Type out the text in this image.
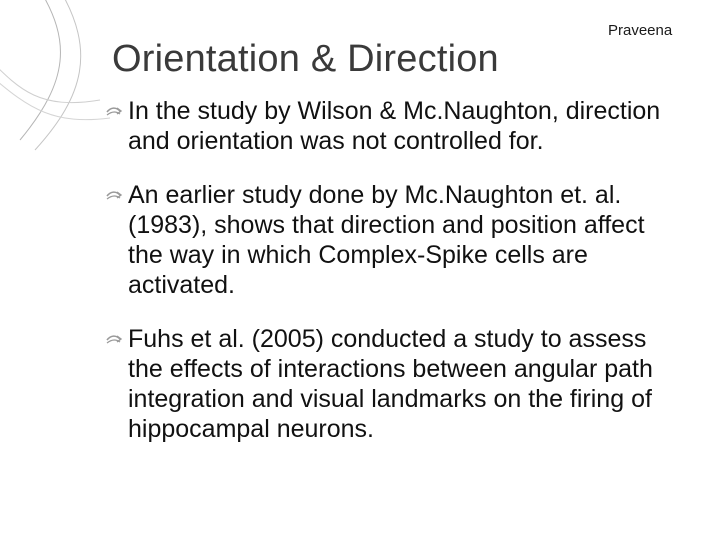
Praveena
Orientation & Direction
In the study by Wilson & Mc.Naughton, direction and orientation was not controlled for.
An earlier study done by Mc.Naughton et. al. (1983), shows that direction and position affect the way in which Complex-Spike cells are activated.
Fuhs et al. (2005) conducted a study to assess the effects of interactions between angular path integration and visual landmarks on the firing of hippocampal neurons.
